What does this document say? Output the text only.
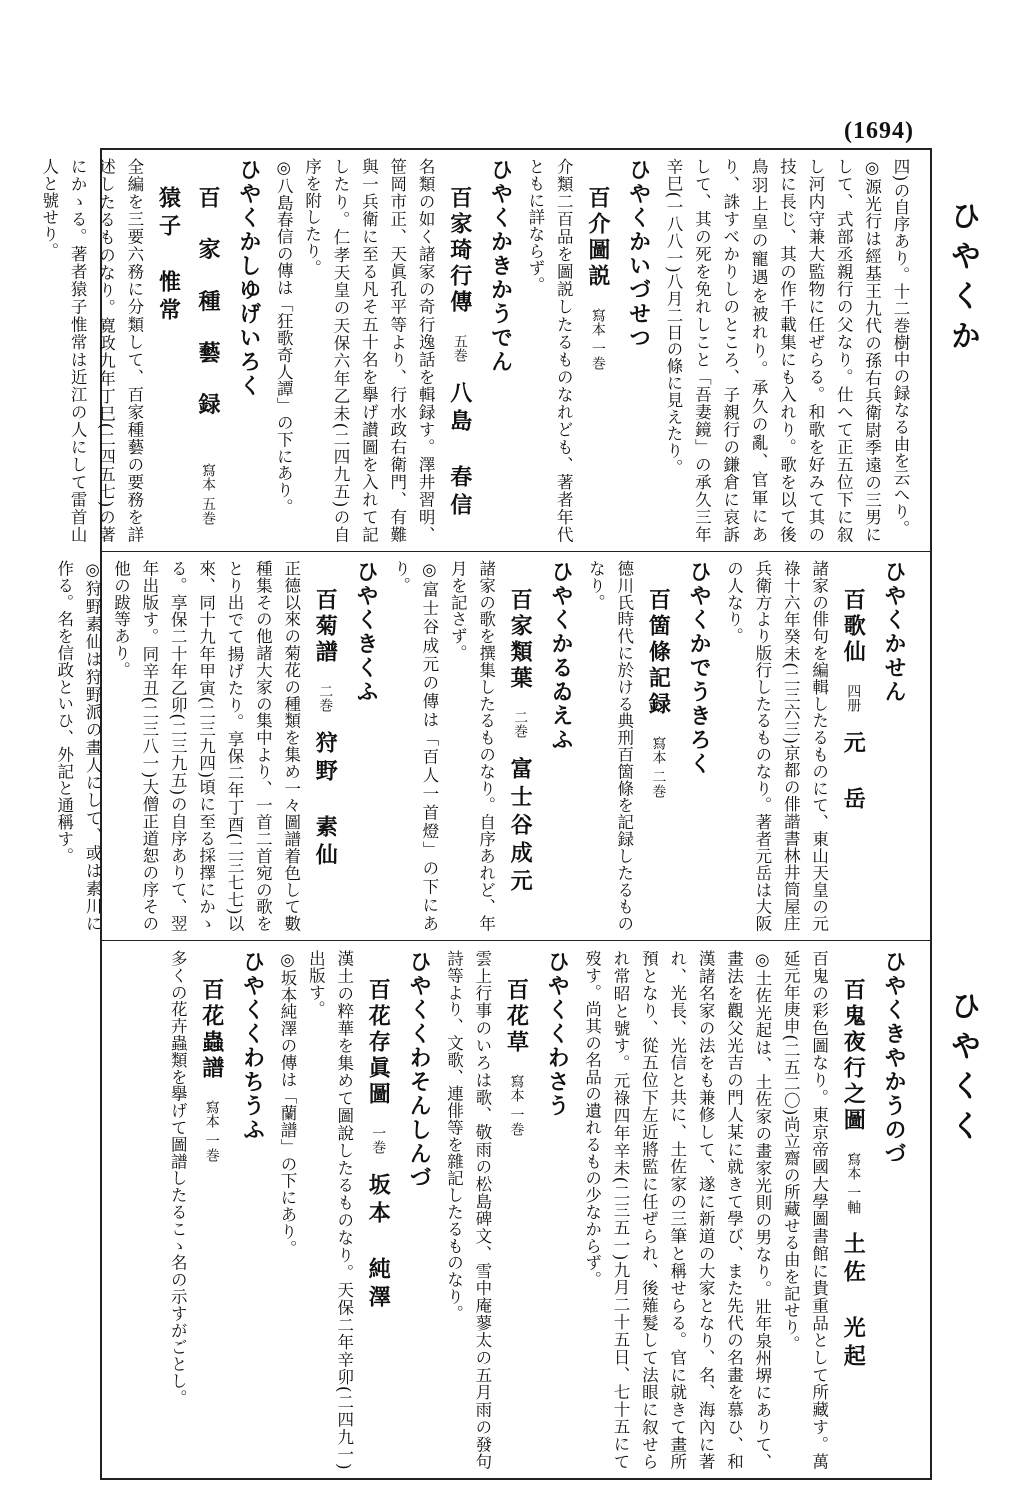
(1694)
ひやくか
ひやくく
四)の自序あり。十二巻樹中の録なる由を云へり。
◎源光行は經基王九代の孫右兵衛尉季遠の三男にして、式部丞親行の父なり。仕へて正五位下に叙し河内守兼大監物に任ぜらる。和歌を好みて其の技に長じ、其の作千載集にも入れり。歌を以て後鳥羽上皇の寵遇を被れり。承久の亂、官軍にあり、誅すべかりしのところ、子親行の鎌倉に哀訴して、其の死を免れしこと「吾妻鏡」の承久三年辛巳(一八八一)八月二日の條に見えたり。
ひやくかいづせつ
百介圖説寫本 一巻
介類二百品を圖説したるものなれども、著者年代ともに詳ならず。
ひやくかきかうでん
百家琦行傳五巻八島　春信
名類の如く諸家の奇行逸話を輯録す。澤井習明、笹岡市正、天眞孔平等より、行水政右衛門、有難與一兵衛に至る凡そ五十名を擧げ讃圖を入れて記したり。仁孝天皇の天保六年乙未(二四九五)の自序を附したり。
◎八島春信の傳は「狂歌奇人譚」の下にあり。
ひやくかしゆげいろく
百家種藝録寫本 五巻猿子　惟常
全編を三要六務に分類して、百家種藝の要務を詳述したるものなり。寛政九年丁巳(二四五七)の著にかゝる。著者猿子惟常は近江の人にして雷首山人と號せり。
ひやくかせん
百歌仙四册元　岳
諸家の俳句を編輯したるものにて、東山天皇の元祿十六年癸未(二三六三)京都の俳諧書林井筒屋庄兵衛方より版行したるものなり。著者元岳は大阪の人なり。
ひやくかでうきろく
百箇條記録寫本 二巻
德川氏時代に於ける典刑百箇條を記録したるものなり。
ひやくかるゐえふ
百家類葉二巻富士谷成元
諸家の歌を撰集したるものなり。自序あれど、年月を記さず。
◎富士谷成元の傳は「百人一首燈」の下にあり。
ひやくきくふ
百菊譜二巻狩野　素仙
正德以來の菊花の種類を集め一々圖譜着色して數種集その他諸大家の集中より、一首二首宛の歌をとり出でて揚げたり。享保二年丁酉(二三七七)以來、同十九年甲寅(二三九四)頃に至る採擇にかゝる。享保二十年乙卯(二三九五)の自序ありて、翌年出版す。同辛丑(二三八一)大僧正道恕の序その他の跋等あり。
◎狩野素仙は狩野派の畫人にして、或は素川に作る。名を信政といひ、外記と通稱す。
ひやくきやかうのづ
百鬼夜行之圖寫本 一軸土佐　光起
百鬼の彩色圖なり。東京帝國大學圖書館に貴重品として所藏す。萬延元年庚申(二五二〇)尚立齋の所藏せる由を記せり。
◎土佐光起は、土佐家の畫家光則の男なり。壯年泉州堺にありて、畫法を觀父光吉の門人某に就きて學び、また先代の名畫を慕ひ、和漢諸名家の法をも兼修して、遂に新道の大家となり、名、海內に著れ、光長、光信と共に、土佐家の三筆と稱せらる。官に就きて畫所預となり、從五位下左近將監に任ぜられ、後薙髮して法眼に叙せられ常昭と號す。元祿四年辛未(二三五一)九月二十五日、七十五にて歿す。尚其の名品の遺れるもの少なからず。
ひやくくわさう
百花草寫本 一巻
雲上行事のいろは歌、敬雨の松島碑文、雪中庵蓼太の五月雨の發句詩等より、文歌、連俳等を雜記したるものなり。
ひやくくわそんしんづ
百花存眞圖一巻坂本　純澤
漢土の粹華を集めて圖說したるものなり。天保二年辛卯(二四九一)出版す。
◎坂本純澤の傳は「蘭譜」の下にあり。
ひやくくわちうふ
百花蟲譜寫本 一巻
多くの花卉蟲類を擧げて圖譜したるこゝ名の示すがごとし。
